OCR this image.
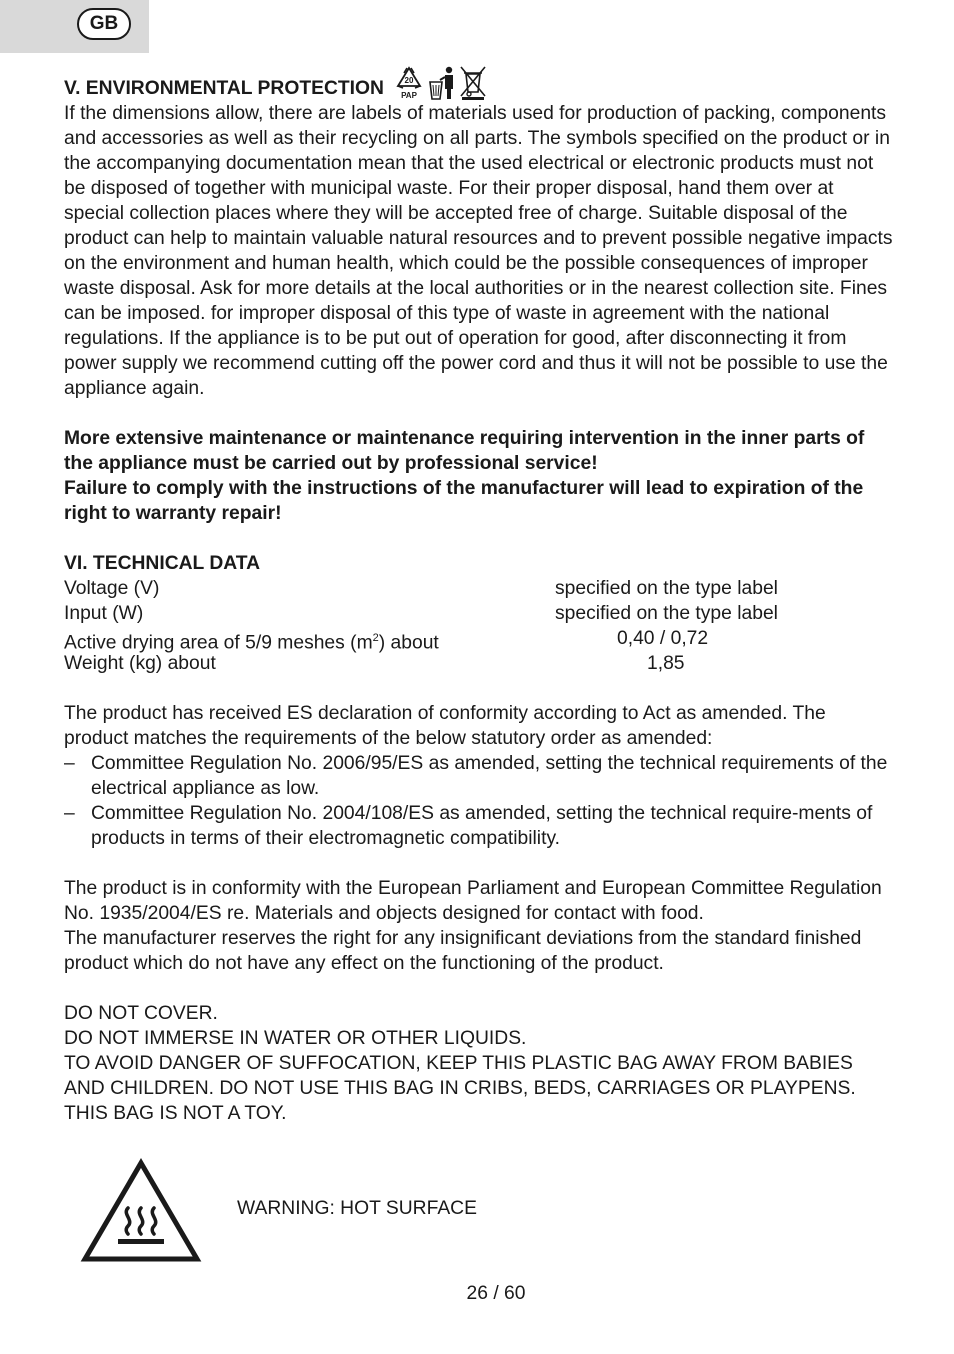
GB
V. ENVIRONMENTAL PROTECTION	20
PAP

If the dimensions allow, there are labels of materials used for production of packing, components and accessories as well as their recycling on all parts. The symbols specified on the product or in the accompanying documentation mean that the used electrical or electronic products must not be disposed of together with municipal waste. For their proper disposal, hand them over at special collection places where they will be accepted free of charge. Suitable disposal of the product can help to maintain valuable natural resources and to prevent possible negative impacts on the environment and human health, which could be the possible consequences of improper waste disposal. Ask for more details at the local authorities or in the nearest collection site. Fines can be imposed. for improper disposal of this type of waste in agreement with the national regulations. If the appliance is to be put out of operation for good, after disconnecting it from power supply we recommend cutting off the power cord and thus it will not be possible to use the appliance again.

More extensive maintenance or maintenance requiring intervention in the inner parts of the appliance must be carried out by professional service!

Failure to comply with the instructions of the manufacturer will lead to expiration of the right to warranty repair!

VI. TECHNICAL DATA

Voltage (V)	specified on the type label
Input (W)	specified on the type label
Active drying area of 5/9 meshes $(m^2)$ about	0,40 / 0,72
Weight (kg) about	1,85

The product has received ES declaration of conformity according to Act as amended. The product matches the requirements of the below statutory order as amended:

– Committee Regulation No. 2006/95/ES as amended, setting the technical requirements of the electrical appliance as low.
– Committee Regulation No. 2004/108/ES as amended, setting the technical require-ments of products in terms of their electromagnetic compatibility.

The product is in conformity with the European Parliament and European Committee Regulation No. 1935/2004/ES re. Materials and objects designed for contact with food.

The manufacturer reserves the right for any insignificant deviations from the standard finished product which do not have any effect on the functioning of the product.

DO NOT COVER.

DO NOT IMMERSE IN WATER OR OTHER LIQUIDS.

TO AVOID DANGER OF SUFFOCATION, KEEP THIS PLASTIC BAG AWAY FROM BABIES AND CHILDREN. DO NOT USE THIS BAG IN CRIBS, BEDS, CARRIAGES OR PLAYPENS. THIS BAG IS NOT A TOY.

WARNING: HOT SURFACE
26 / 60
